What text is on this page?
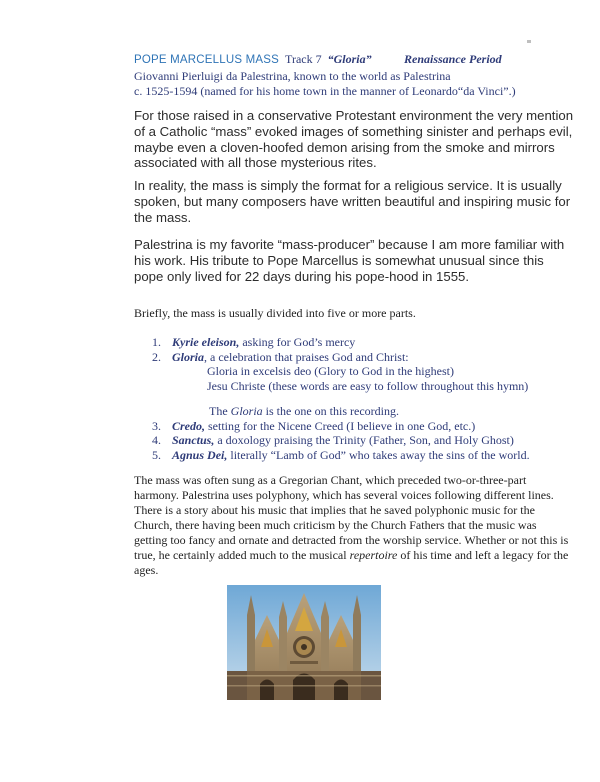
POPE MARCELLUS MASS Track 7 “Gloria”	Renaissance Period
Giovanni Pierluigi da Palestrina, known to the world as Palestrina
c. 1525-1594 (named for his home town in the manner of Leonardo“da Vinci”.)
For those raised in a conservative Protestant environment the very mention of a Catholic “mass” evoked images of something sinister and perhaps evil, maybe even a cloven-hoofed demon arising from the smoke and mirrors associated with all those mysterious rites.
In reality, the mass is simply the format for a religious service. It is usually spoken, but many composers have written beautiful and inspiring music for the mass.
Palestrina is my favorite “mass-producer” because I am more familiar with his work. His tribute to Pope Marcellus is somewhat unusual since this pope only lived for 22 days during his pope-hood in 1555.
Briefly, the mass is usually divided into five or more parts.
1. Kyrie eleison, asking for God’s mercy
2. Gloria, a celebration that praises God and Christ:
Gloria in excelsis deo (Glory to God in the highest)
Jesu Christe (these words are easy to follow throughout this hymn)
The Gloria is the one on this recording.
3. Credo, setting for the Nicene Creed (I believe in one God, etc.)
4. Sanctus, a doxology praising the Trinity (Father, Son, and Holy Ghost)
5. Agnus Dei, literally “Lamb of God” who takes away the sins of the world.
The mass was often sung as a Gregorian Chant, which preceded two-or-three-part harmony. Palestrina uses polyphony, which has several voices following different lines. There is a story about his music that implies that he saved polyphonic music for the Church, there having been much criticism by the Church Fathers that the music was getting too fancy and ornate and detracted from the worship service. Whether or not this is true, he certainly added much to the musical repertoire of his time and left a legacy for the ages.
